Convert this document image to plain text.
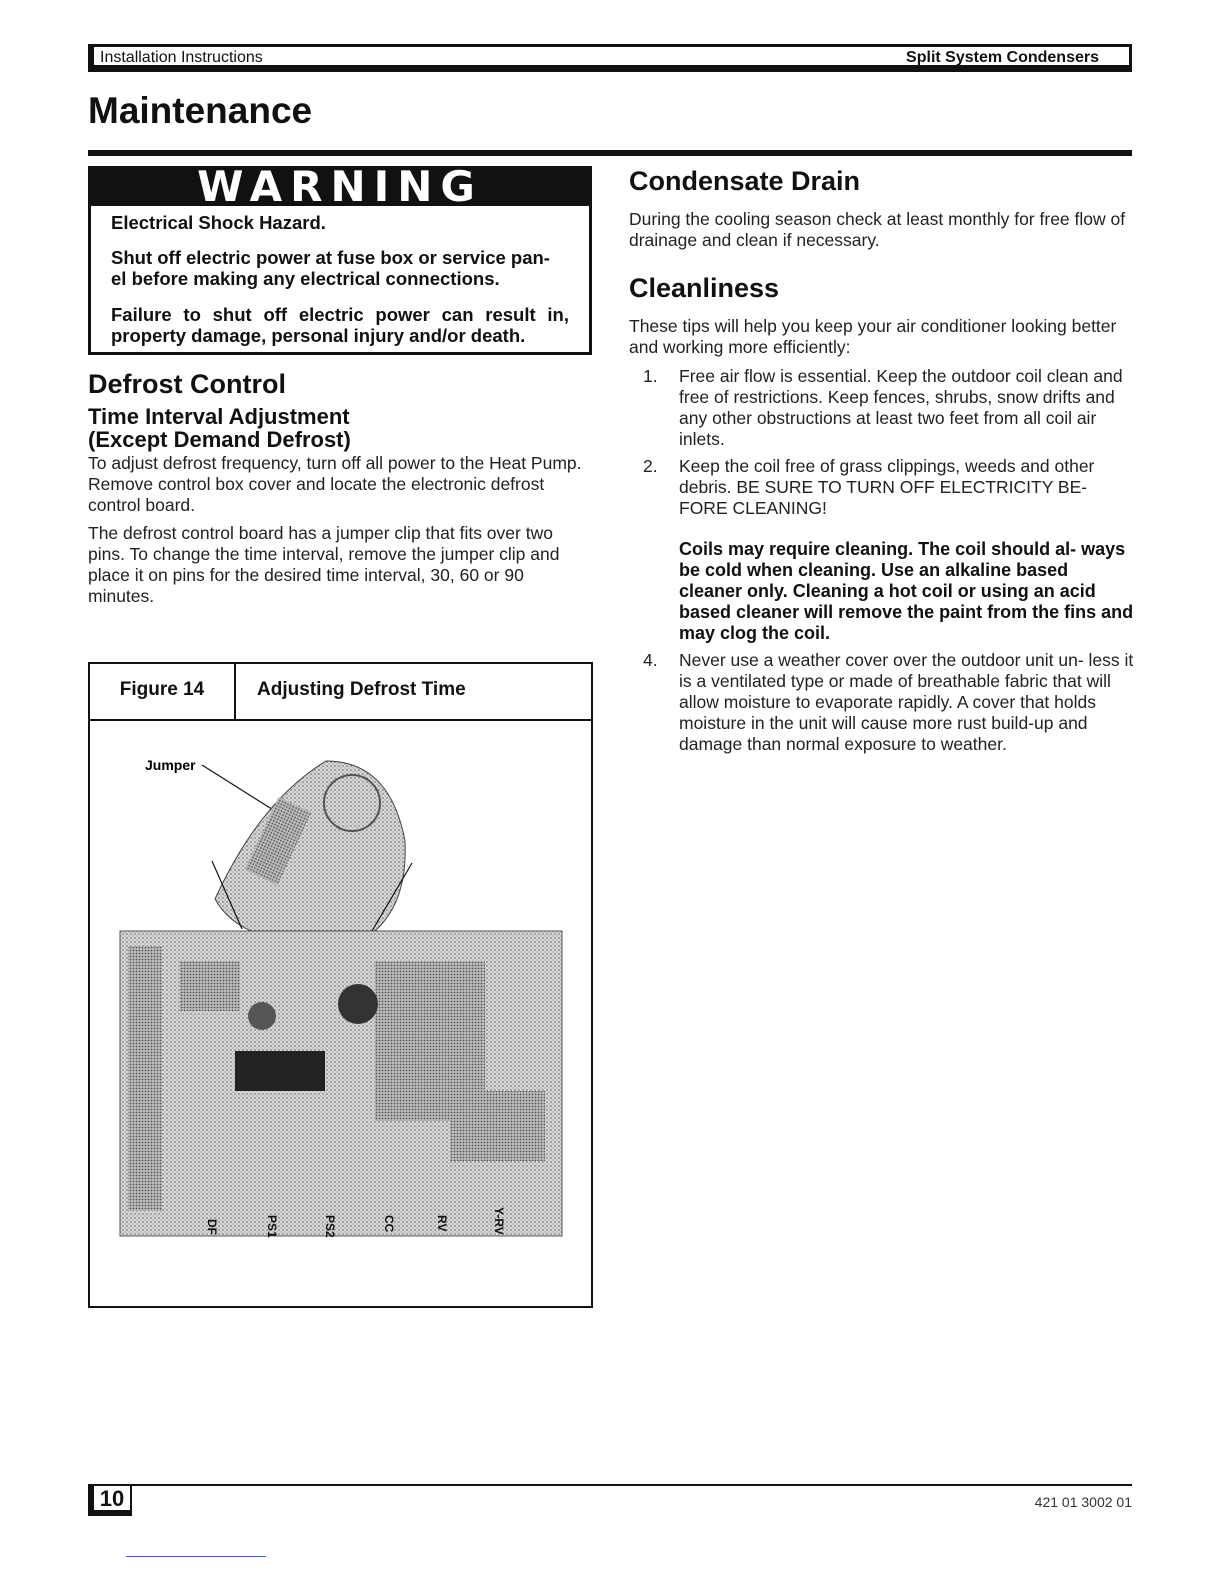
Installation Instructions	Split System Condensers
Maintenance
WARNING

Electrical Shock Hazard.

Shut off electric power at fuse box or service pan- el before making any electrical connections.

Failure to shut off electric power can result in, property damage, personal injury and/or death.

Defrost Control
Time Interval Adjustment
(Except Demand Defrost)

To adjust defrost frequency, turn off all power to the Heat Pump. Remove control box cover and locate the electronic defrost control board.

The defrost control board has a jumper clip that fits over two pins. To change the time interval, remove the jumper clip and place it on pins for the desired time interval, 30, 60 or 90 minutes.

Figure 14	Adjusting Defrost Time
Jumper
DF	PS1	PS2	CC	RV	Y-RV
Condensate Drain

During the cooling season check at least monthly for free flow of drainage and clean if necessary.

Cleanliness

These tips will help you keep your air conditioner looking better and working more efficiently:

1. Free air flow is essential. Keep the outdoor coil clean and free of restrictions. Keep fences, shrubs, snow drifts and any other obstructions at least two feet from all coil air inlets.
2. Keep the coil free of grass clippings, weeds and other debris. BE SURE TO TURN OFF ELECTRICITY BE- FORE CLEANING!

Coils may require cleaning. The coil should al- ways be cold when cleaning. Use an alkaline based cleaner only. Cleaning a hot coil or using an acid based cleaner will remove the paint from the fins and may clog the coil.

4. Never use a weather cover over the outdoor unit un- less it is a ventilated type or made of breathable fabric that will allow moisture to evaporate rapidly. A cover that holds moisture in the unit will cause more rust build-up and damage than normal exposure to weather.
10	421 01 3002 01
